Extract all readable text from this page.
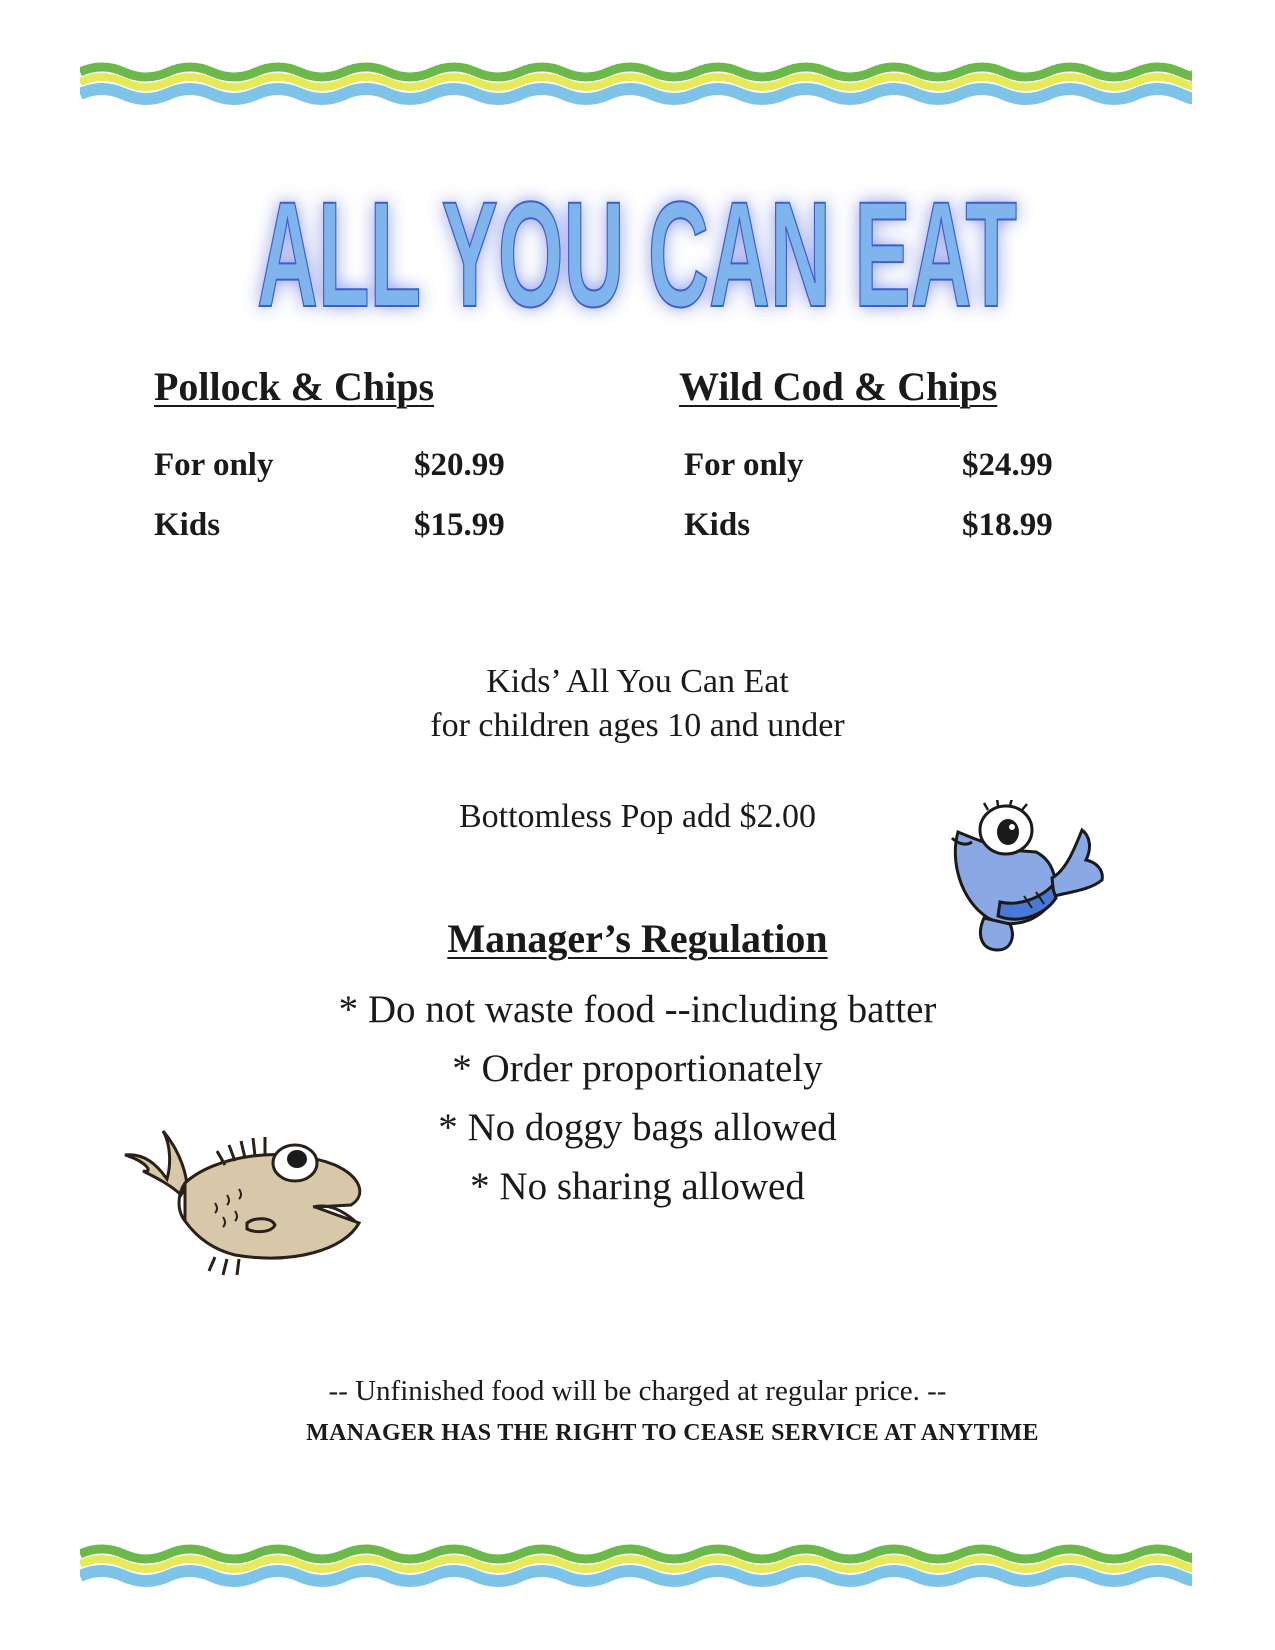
ALL YOU CAN EAT
ALL YOU CAN EAT
Pollock & Chips
For only	$20.99
Kids	$15.99
Wild Cod & Chips
For only	$24.99
Kids	$18.99
Kids’ All You Can Eat
for children ages 10 and under
Bottomless Pop add $2.00
Manager’s Regulation
* Do not waste food --including batter
* Order proportionately
* No doggy bags allowed
* No sharing allowed
-- Unfinished food will be charged at regular price. --
MANAGER HAS THE RIGHT TO CEASE SERVICE AT ANYTIME
